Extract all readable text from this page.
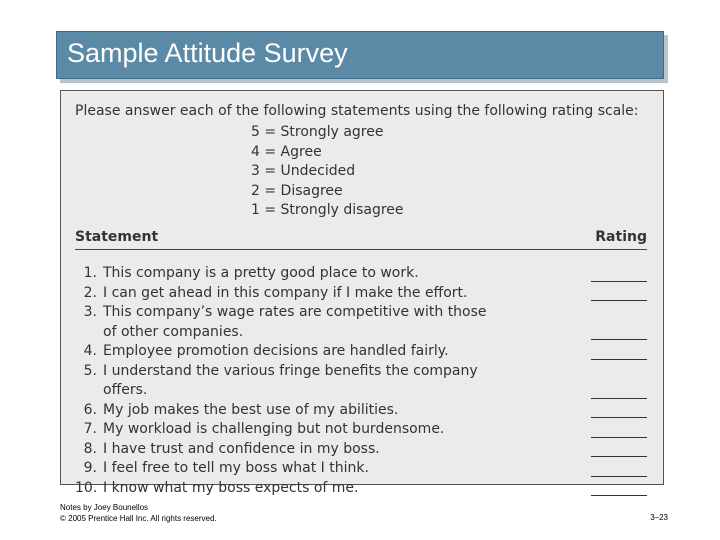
Sample Attitude Survey
Please answer each of the following statements using the following rating scale:
5 = Strongly agree
4 = Agree
3 = Undecided
2 = Disagree
1 = Strongly disagree
Statement	Rating
1. This company is a pretty good place to work.
2. I can get ahead in this company if I make the effort.
3. This company’s wage rates are competitive with those of other companies.
4. Employee promotion decisions are handled fairly.
5. I understand the various fringe benefits the company offers.
6. My job makes the best use of my abilities.
7. My workload is challenging but not burdensome.
8. I have trust and confidence in my boss.
9. I feel free to tell my boss what I think.
10. I know what my boss expects of me.
Notes by Joey Bounellos
© 2005 Prentice Hall Inc. All rights reserved.	3–23
